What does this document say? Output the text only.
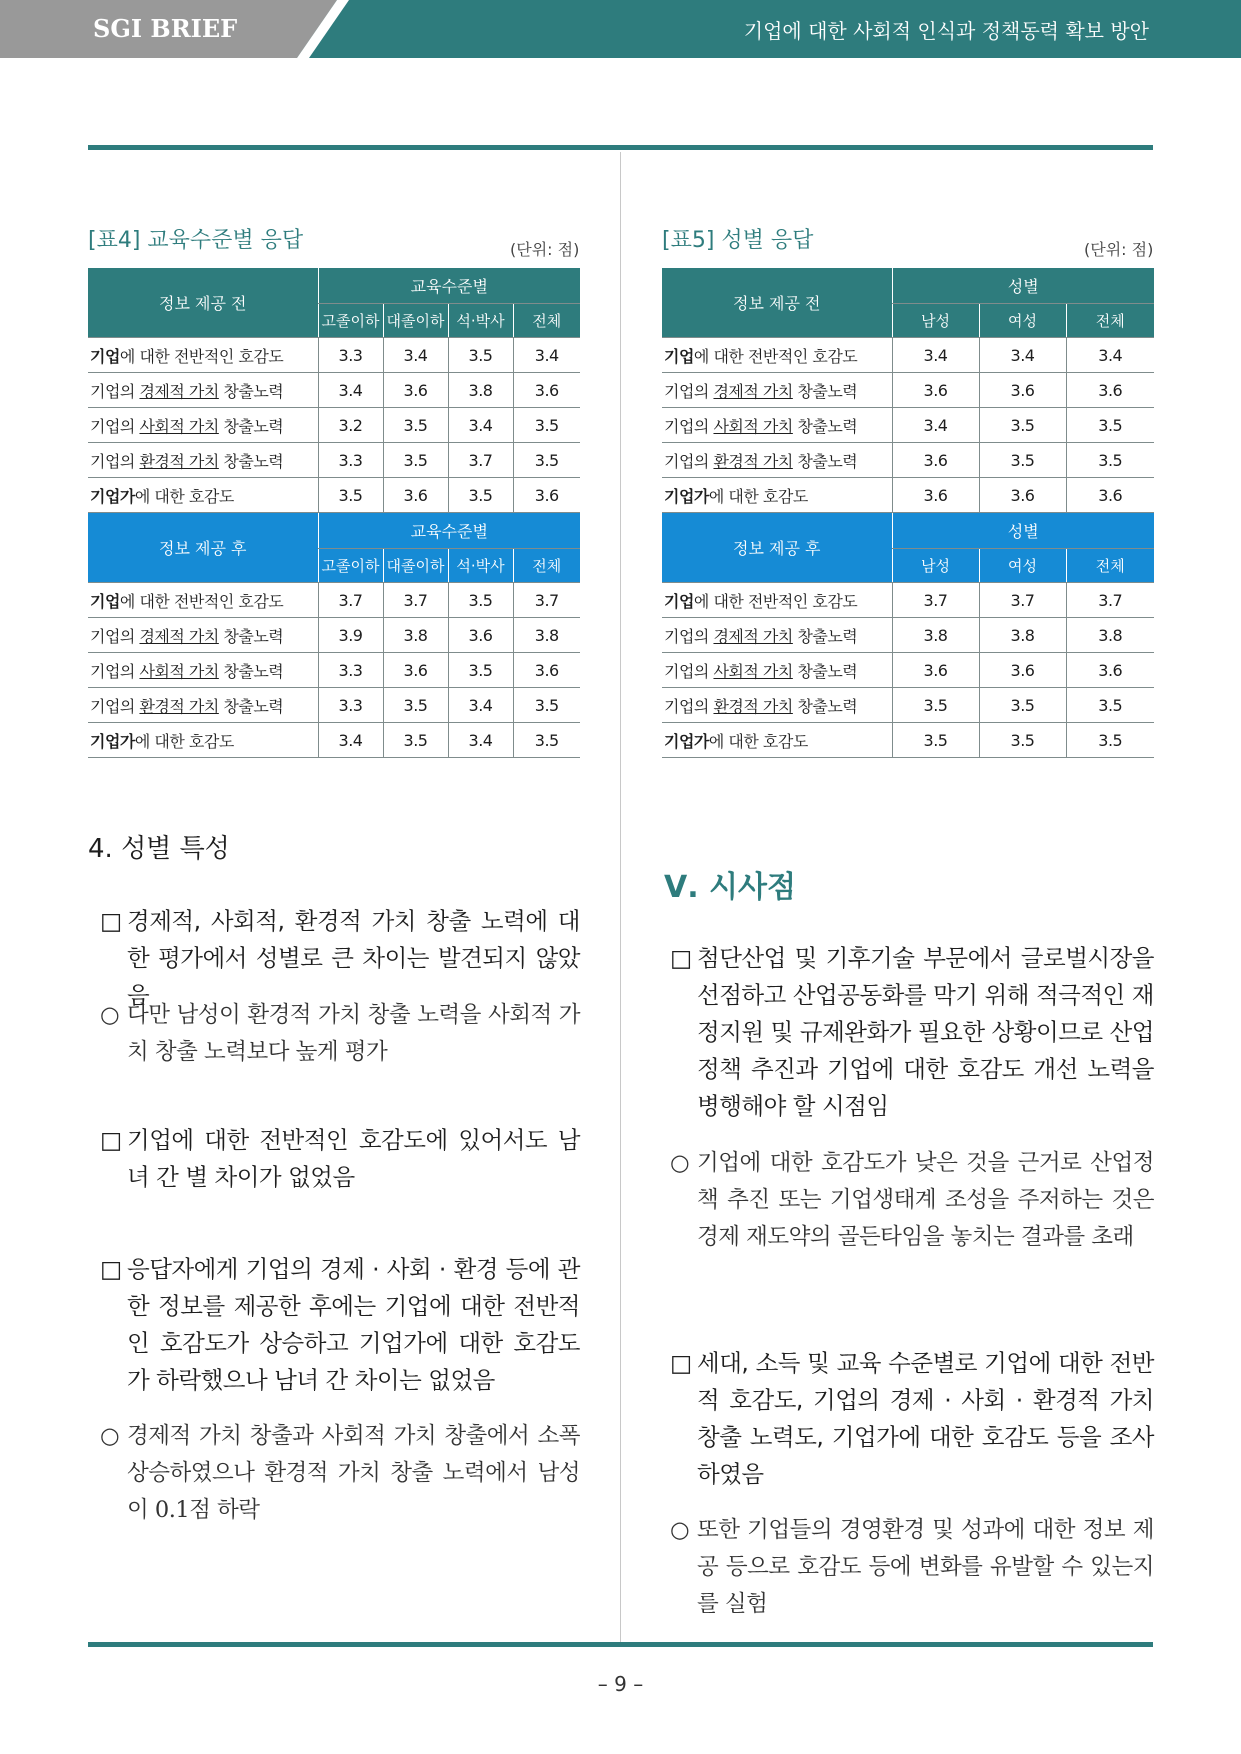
SGI BRIEF	기업에 대한 사회적 인식과 정책동력 확보 방안
[표4] 교육수준별 응답	(단위: 점)
정보 제공 전	교육수준별			
	고졸이하	대졸이하	석·박사	전체
기업에 대한 전반적인 호감도	3.3	3.4	3.5	3.4
기업의 경제적 가치 창출노력	3.4	3.6	3.8	3.6
기업의 사회적 가치 창출노력	3.2	3.5	3.4	3.5
기업의 환경적 가치 창출노력	3.3	3.5	3.7	3.5
기업가에 대한 호감도	3.5	3.6	3.5	3.6
정보 제공 후	교육수준별			
	고졸이하	대졸이하	석·박사	전체
기업에 대한 전반적인 호감도	3.7	3.7	3.5	3.7
기업의 경제적 가치 창출노력	3.9	3.8	3.6	3.8
기업의 사회적 가치 창출노력	3.3	3.6	3.5	3.6
기업의 환경적 가치 창출노력	3.3	3.5	3.4	3.5
기업가에 대한 호감도	3.4	3.5	3.4	3.5
[표5] 성별 응답	(단위: 점)
정보 제공 전	성별		
	남성	여성	전체
기업에 대한 전반적인 호감도	3.4	3.4	3.4
기업의 경제적 가치 창출노력	3.6	3.6	3.6
기업의 사회적 가치 창출노력	3.4	3.5	3.5
기업의 환경적 가치 창출노력	3.6	3.5	3.5
기업가에 대한 호감도	3.6	3.6	3.6
정보 제공 후	성별		
	남성	여성	전체
기업에 대한 전반적인 호감도	3.7	3.7	3.7
기업의 경제적 가치 창출노력	3.8	3.8	3.8
기업의 사회적 가치 창출노력	3.6	3.6	3.6
기업의 환경적 가치 창출노력	3.5	3.5	3.5
기업가에 대한 호감도	3.5	3.5	3.5
4. 성별 특성
□ 경제적, 사회적, 환경적 가치 창출 노력에 대한 평가에서 성별로 큰 차이는 발견되지 않았음
○ 다만 남성이 환경적 가치 창출 노력을 사회적 가치 창출 노력보다 높게 평가
□ 기업에 대한 전반적인 호감도에 있어서도 남녀 간 별 차이가 없었음
□ 응답자에게 기업의 경제 · 사회 · 환경 등에 관한 정보를 제공한 후에는 기업에 대한 전반적인 호감도가 상승하고 기업가에 대한 호감도가 하락했으나 남녀 간 차이는 없었음
○ 경제적 가치 창출과 사회적 가치 창출에서 소폭 상승하였으나 환경적 가치 창출 노력에서 남성이 0.1점 하락
Ⅴ. 시사점
□ 첨단산업 및 기후기술 부문에서 글로벌시장을 선점하고 산업공동화를 막기 위해 적극적인 재정지원 및 규제완화가 필요한 상황이므로 산업정책 추진과 기업에 대한 호감도 개선 노력을 병행해야 할 시점임
○ 기업에 대한 호감도가 낮은 것을 근거로 산업정책 추진 또는 기업생태계 조성을 주저하는 것은 경제 재도약의 골든타임을 놓치는 결과를 초래
□ 세대, 소득 및 교육 수준별로 기업에 대한 전반적 호감도, 기업의 경제 · 사회 · 환경적 가치 창출 노력도, 기업가에 대한 호감도 등을 조사하였음
○ 또한 기업들의 경영환경 및 성과에 대한 정보 제공 등으로 호감도 등에 변화를 유발할 수 있는지를 실험
– 9 –
